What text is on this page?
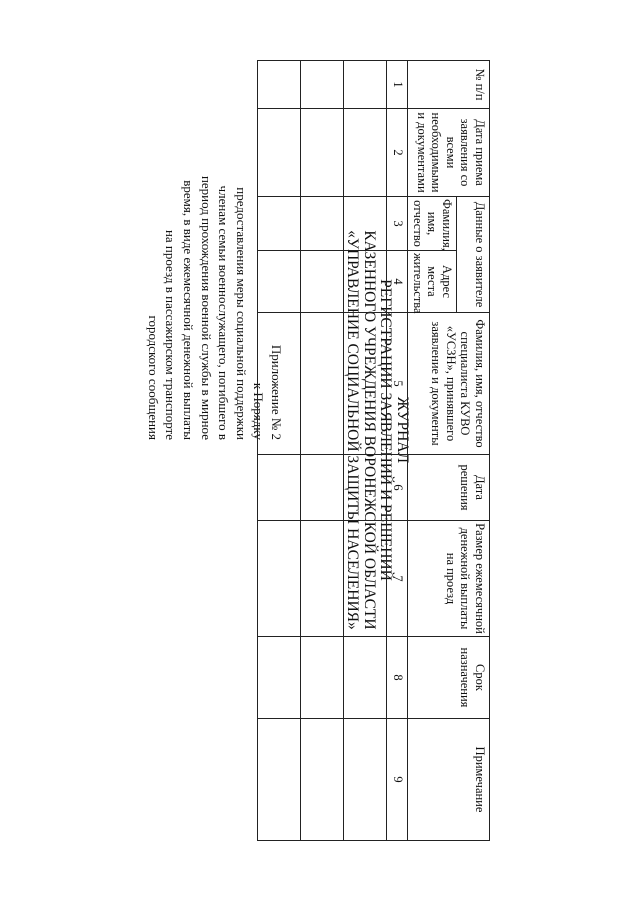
Приложение № 2
к Порядку
предоставления меры социальной поддержки
членам семьи военнослужащего, погибшего в
период прохождения военной службы в мирное
время, в виде ежемесячной денежной выплаты
на проезд в пассажирском транспорте
городского сообщения	ЖУРНАЛ
РЕГИСТРАЦИИ ЗАЯВЛЕНИЙ И РЕШЕНИЙ
КАЗЕННОГО УЧРЕЖДЕНИЯ ВОРОНЕЖСКОЙ ОБЛАСТИ
«УПРАВЛЕНИЕ СОЦИАЛЬНОЙ ЗАЩИТЫ НАСЕЛЕНИЯ»
№ п/п	Дата приема заявления со всеми необходимыми и документами	Данные о заявителе		Фамилия, имя, отчество специалиста КУВО «УСЗН», принявшего заявление и документы	Дата решения	Размер ежемесячной денежной выплаты на проезд	Срок назначения	Примечание

		Фамилия, имя, отчество	Адрес места жительства					

1	2	3	4	5	6	7	8	9
